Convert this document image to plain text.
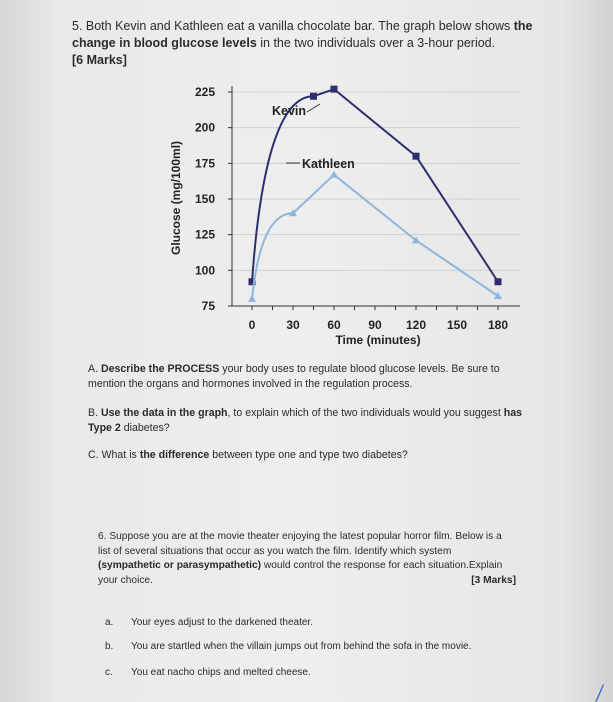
5. Both Kevin and Kathleen eat a vanilla chocolate bar. The graph below shows the change in blood glucose levels in the two individuals over a 3-hour period.
[6 Marks]
75
100
125
150
175
200
225
0	30 60 90 120 150 180
Time (minutes)
Glucose (mg/100ml)
Kevin
Kathleen
A. Describe the PROCESS your body uses to regulate blood glucose levels. Be sure to mention the organs and hormones involved in the regulation process.
B. Use the data in the graph, to explain which of the two individuals would you suggest has Type 2 diabetes?
C. What is the difference between type one and type two diabetes?
6. Suppose you are at the movie theater enjoying the latest popular horror film. Below is a list of several situations that occur as you watch the film. Identify which system (sympathetic or parasympathetic) would control the response for each situation.Explain your choice.	[3 Marks]
a. Your eyes adjust to the darkened theater.
b. You are startled when the villain jumps out from behind the sofa in the movie.
c. You eat nacho chips and melted cheese.
